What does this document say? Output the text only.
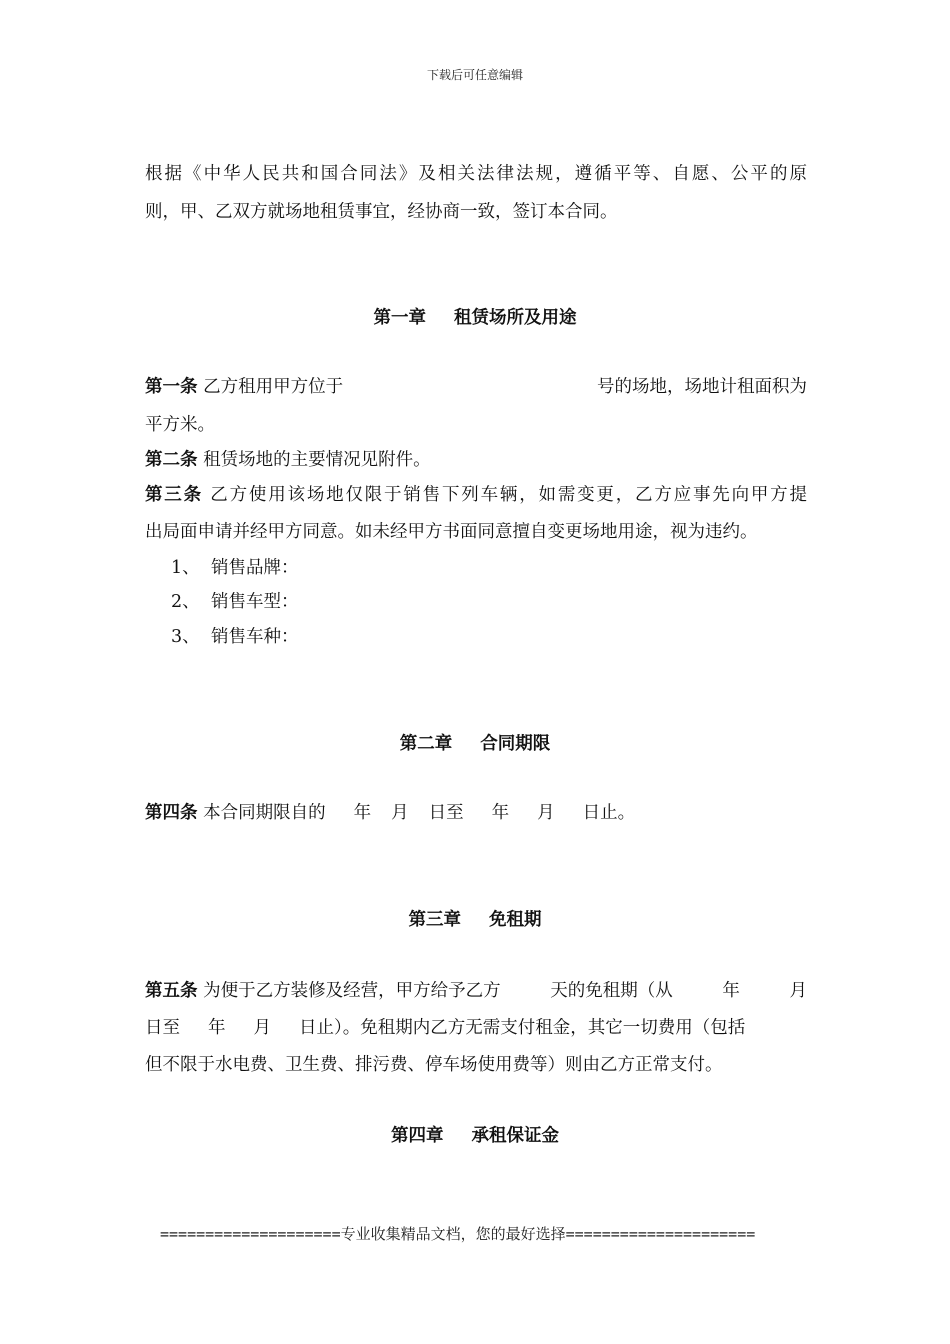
下载后可任意编辑
根据《中华人民共和国合同法》及相关法律法规，遵循平等、自愿、公平的原
则，甲、乙双方就场地租赁事宜，经协商一致，签订本合同。
第一章 租赁场所及用途
第一条 乙方租用甲方位于	号的场地，场地计租面积为
平方米。
第二条 租赁场地的主要情况见附件。
第三条 乙方使用该场地仅限于销售下列车辆，如需变更，乙方应事先向甲方提
出局面申请并经甲方同意。如未经甲方书面同意擅自变更场地用途，视为违约。
1、 销售品牌：
2、 销售车型：
3、 销售车种：
第二章 合同期限
第四条 本合同期限自的 年 月 日至 年 月 日止。
第三章 免租期
第五条 为便于乙方装修及经营，甲方给予乙方	天的免租期（从	年	月
日至 年 月 日止）。免租期内乙方无需支付租金，其它一切费用（包括
但不限于水电费、卫生费、排污费、停车场使用费等）则由乙方正常支付。
第四章 承租保证金
====================专业收集精品文档，您的最好选择=====================
